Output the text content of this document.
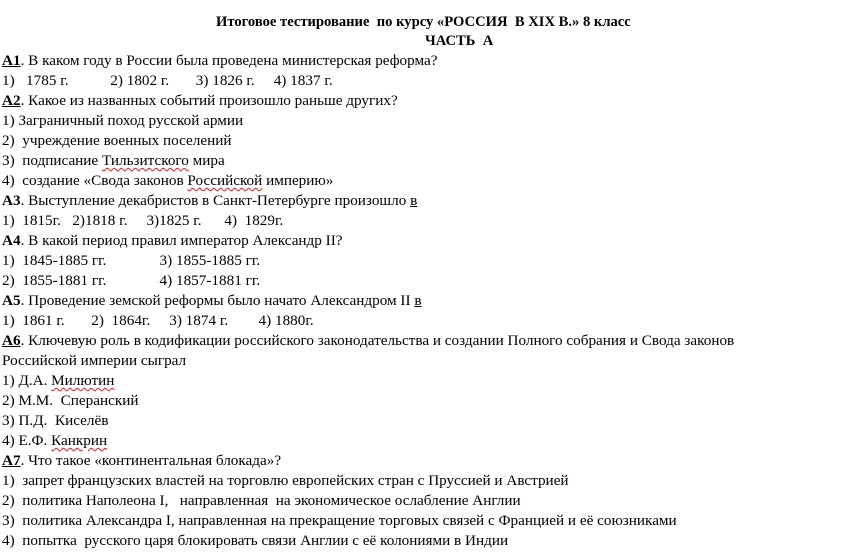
Итоговое тестирование  по курсу «РОССИЯ  В XIX В.» 8 класс
ЧАСТЬ  А
А1. В каком году в России была проведена министерская реформа?
1)   1785 г.           2) 1802 г.       3) 1826 г.     4) 1837 г.
А2. Какое из названных событий произошло раньше других?
1) Заграничный поход русской армии
2)  учреждение военных поселений
3)  подписание Тильзитского мира
4)  создание «Свода законов Российской империю»
А3. Выступление декабристов в Санкт-Петербурге произошло в
1)  1815г.   2)1818 г.     3)1825 г.      4)  1829г.
А4. В какой период правил император Александр II?
1)  1845-1885 гг.              3) 1855-1885 гг.
2)  1855-1881 гг.              4) 1857-1881 гг.
А5. Проведение земской реформы было начато Александром II в
1)  1861 г.       2)  1864г.     3) 1874 г.        4) 1880г.
А6. Ключевую роль в кодификации российского законодательства и создании Полного собрания и Свода законов
Российской империи сыграл
1) Д.А. Милютин
2) М.М.  Сперанский
3) П.Д.  Киселёв
4) Е.Ф. Канкрин
А7. Что такое «континентальная блокада»?
1)  запрет французских властей на торговлю европейских стран с Пруссией и Австрией
2)  политика Наполеона I,   направленная  на экономическое ослабление Англии
3)  политика Александра I, направленная на прекращение торговых связей с Францией и её союзниками
4)  попытка  русского царя блокировать связи Англии с её колониями в Индии
